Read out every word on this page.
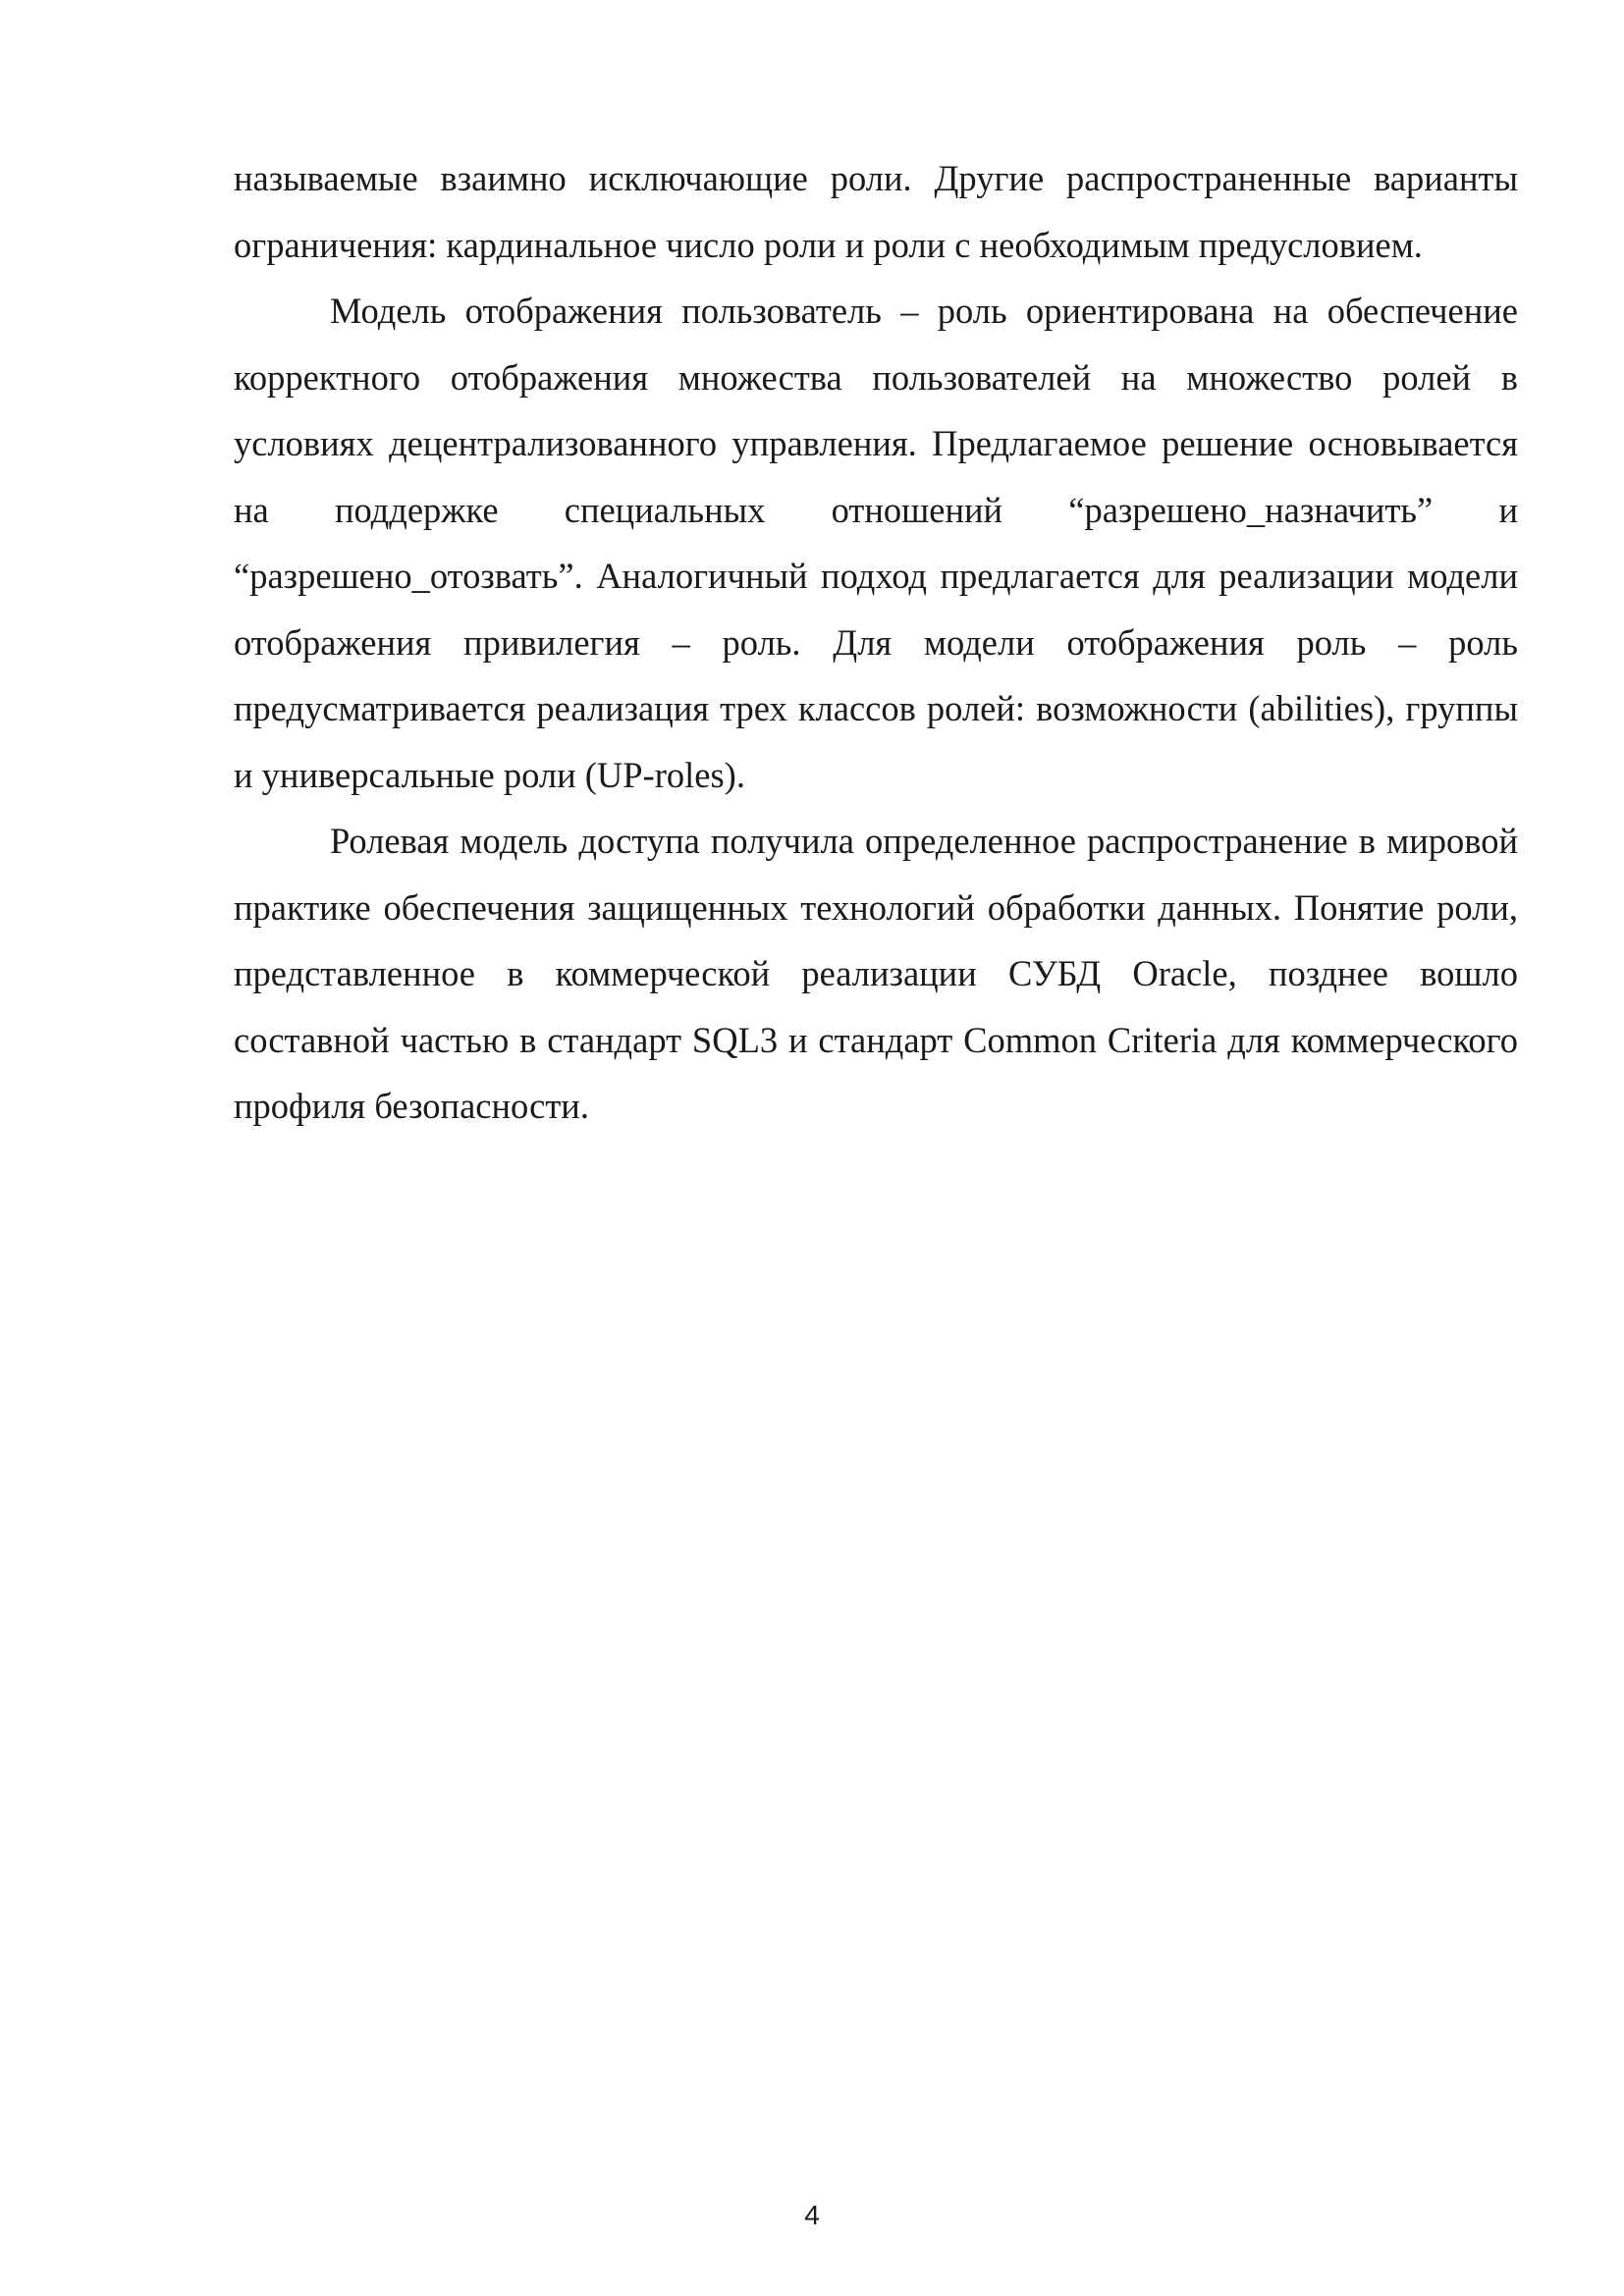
называемые взаимно исключающие роли. Другие распространенные варианты ограничения: кардинальное число роли и роли с необходимым предусловием.

Модель отображения пользователь – роль ориентирована на обеспечение корректного отображения множества пользователей на множество ролей в условиях децентрализованного управления. Предлагаемое решение основывается на поддержке специальных отношений “разрешено_назначить” и “разрешено_отозвать”. Аналогичный подход предлагается для реализации модели отображения привилегия – роль. Для модели отображения роль – роль предусматривается реализация трех классов ролей: возможности (abilities), группы и универсальные роли (UP-roles).

Ролевая модель доступа получила определенное распространение в мировой практике обеспечения защищенных технологий обработки данных. Понятие роли, представленное в коммерческой реализации СУБД Oracle, позднее вошло составной частью в стандарт SQL3 и стандарт Common Criteria для коммерческого профиля безопасности.

4
